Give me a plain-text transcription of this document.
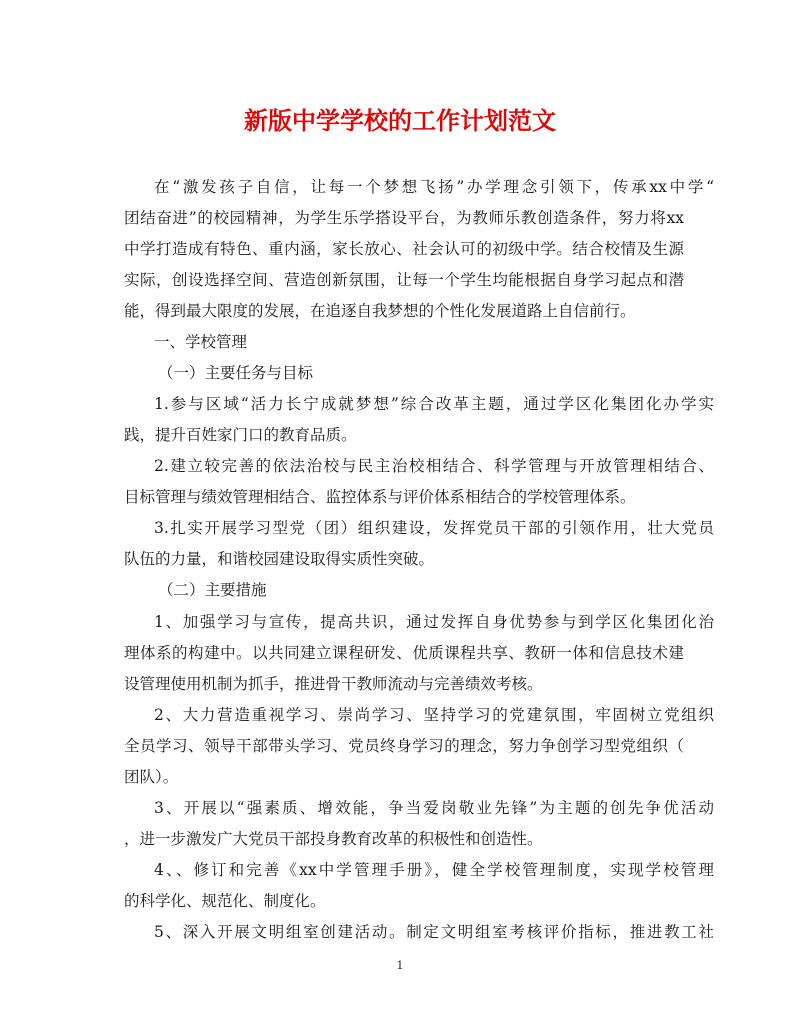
新版中学学校的工作计划范文
在“激发孩子自信，让每一个梦想飞扬”办学理念引领下，传承xx中学“
团结奋进”的校园精神，为学生乐学搭设平台，为教师乐教创造条件，努力将xx
中学打造成有特色、重内涵，家长放心、社会认可的初级中学。结合校情及生源
实际，创设选择空间、营造创新氛围，让每一个学生均能根据自身学习起点和潜
能，得到最大限度的发展，在追逐自我梦想的个性化发展道路上自信前行。
一、学校管理
（一）主要任务与目标
1.参与区域“活力长宁成就梦想”综合改革主题，通过学区化集团化办学实
践，提升百姓家门口的教育品质。
2.建立较完善的依法治校与民主治校相结合、科学管理与开放管理相结合、
目标管理与绩效管理相结合、监控体系与评价体系相结合的学校管理体系。
3.扎实开展学习型党（团）组织建设，发挥党员干部的引领作用，壮大党员
队伍的力量，和谐校园建设取得实质性突破。
（二）主要措施
1、加强学习与宣传，提高共识，通过发挥自身优势参与到学区化集团化治
理体系的构建中。以共同建立课程研发、优质课程共享、教研一体和信息技术建
设管理使用机制为抓手，推进骨干教师流动与完善绩效考核。
2、大力营造重视学习、崇尚学习、坚持学习的党建氛围，牢固树立党组织
全员学习、领导干部带头学习、党员终身学习的理念，努力争创学习型党组织（
团队）。
3、开展以“强素质、增效能，争当爱岗敬业先锋”为主题的创先争优活动
，进一步激发广大党员干部投身教育改革的积极性和创造性。
4、、修订和完善《xx中学管理手册》，健全学校管理制度，实现学校管理
的科学化、规范化、制度化。
5、深入开展文明组室创建活动。制定文明组室考核评价指标，推进教工社
1
